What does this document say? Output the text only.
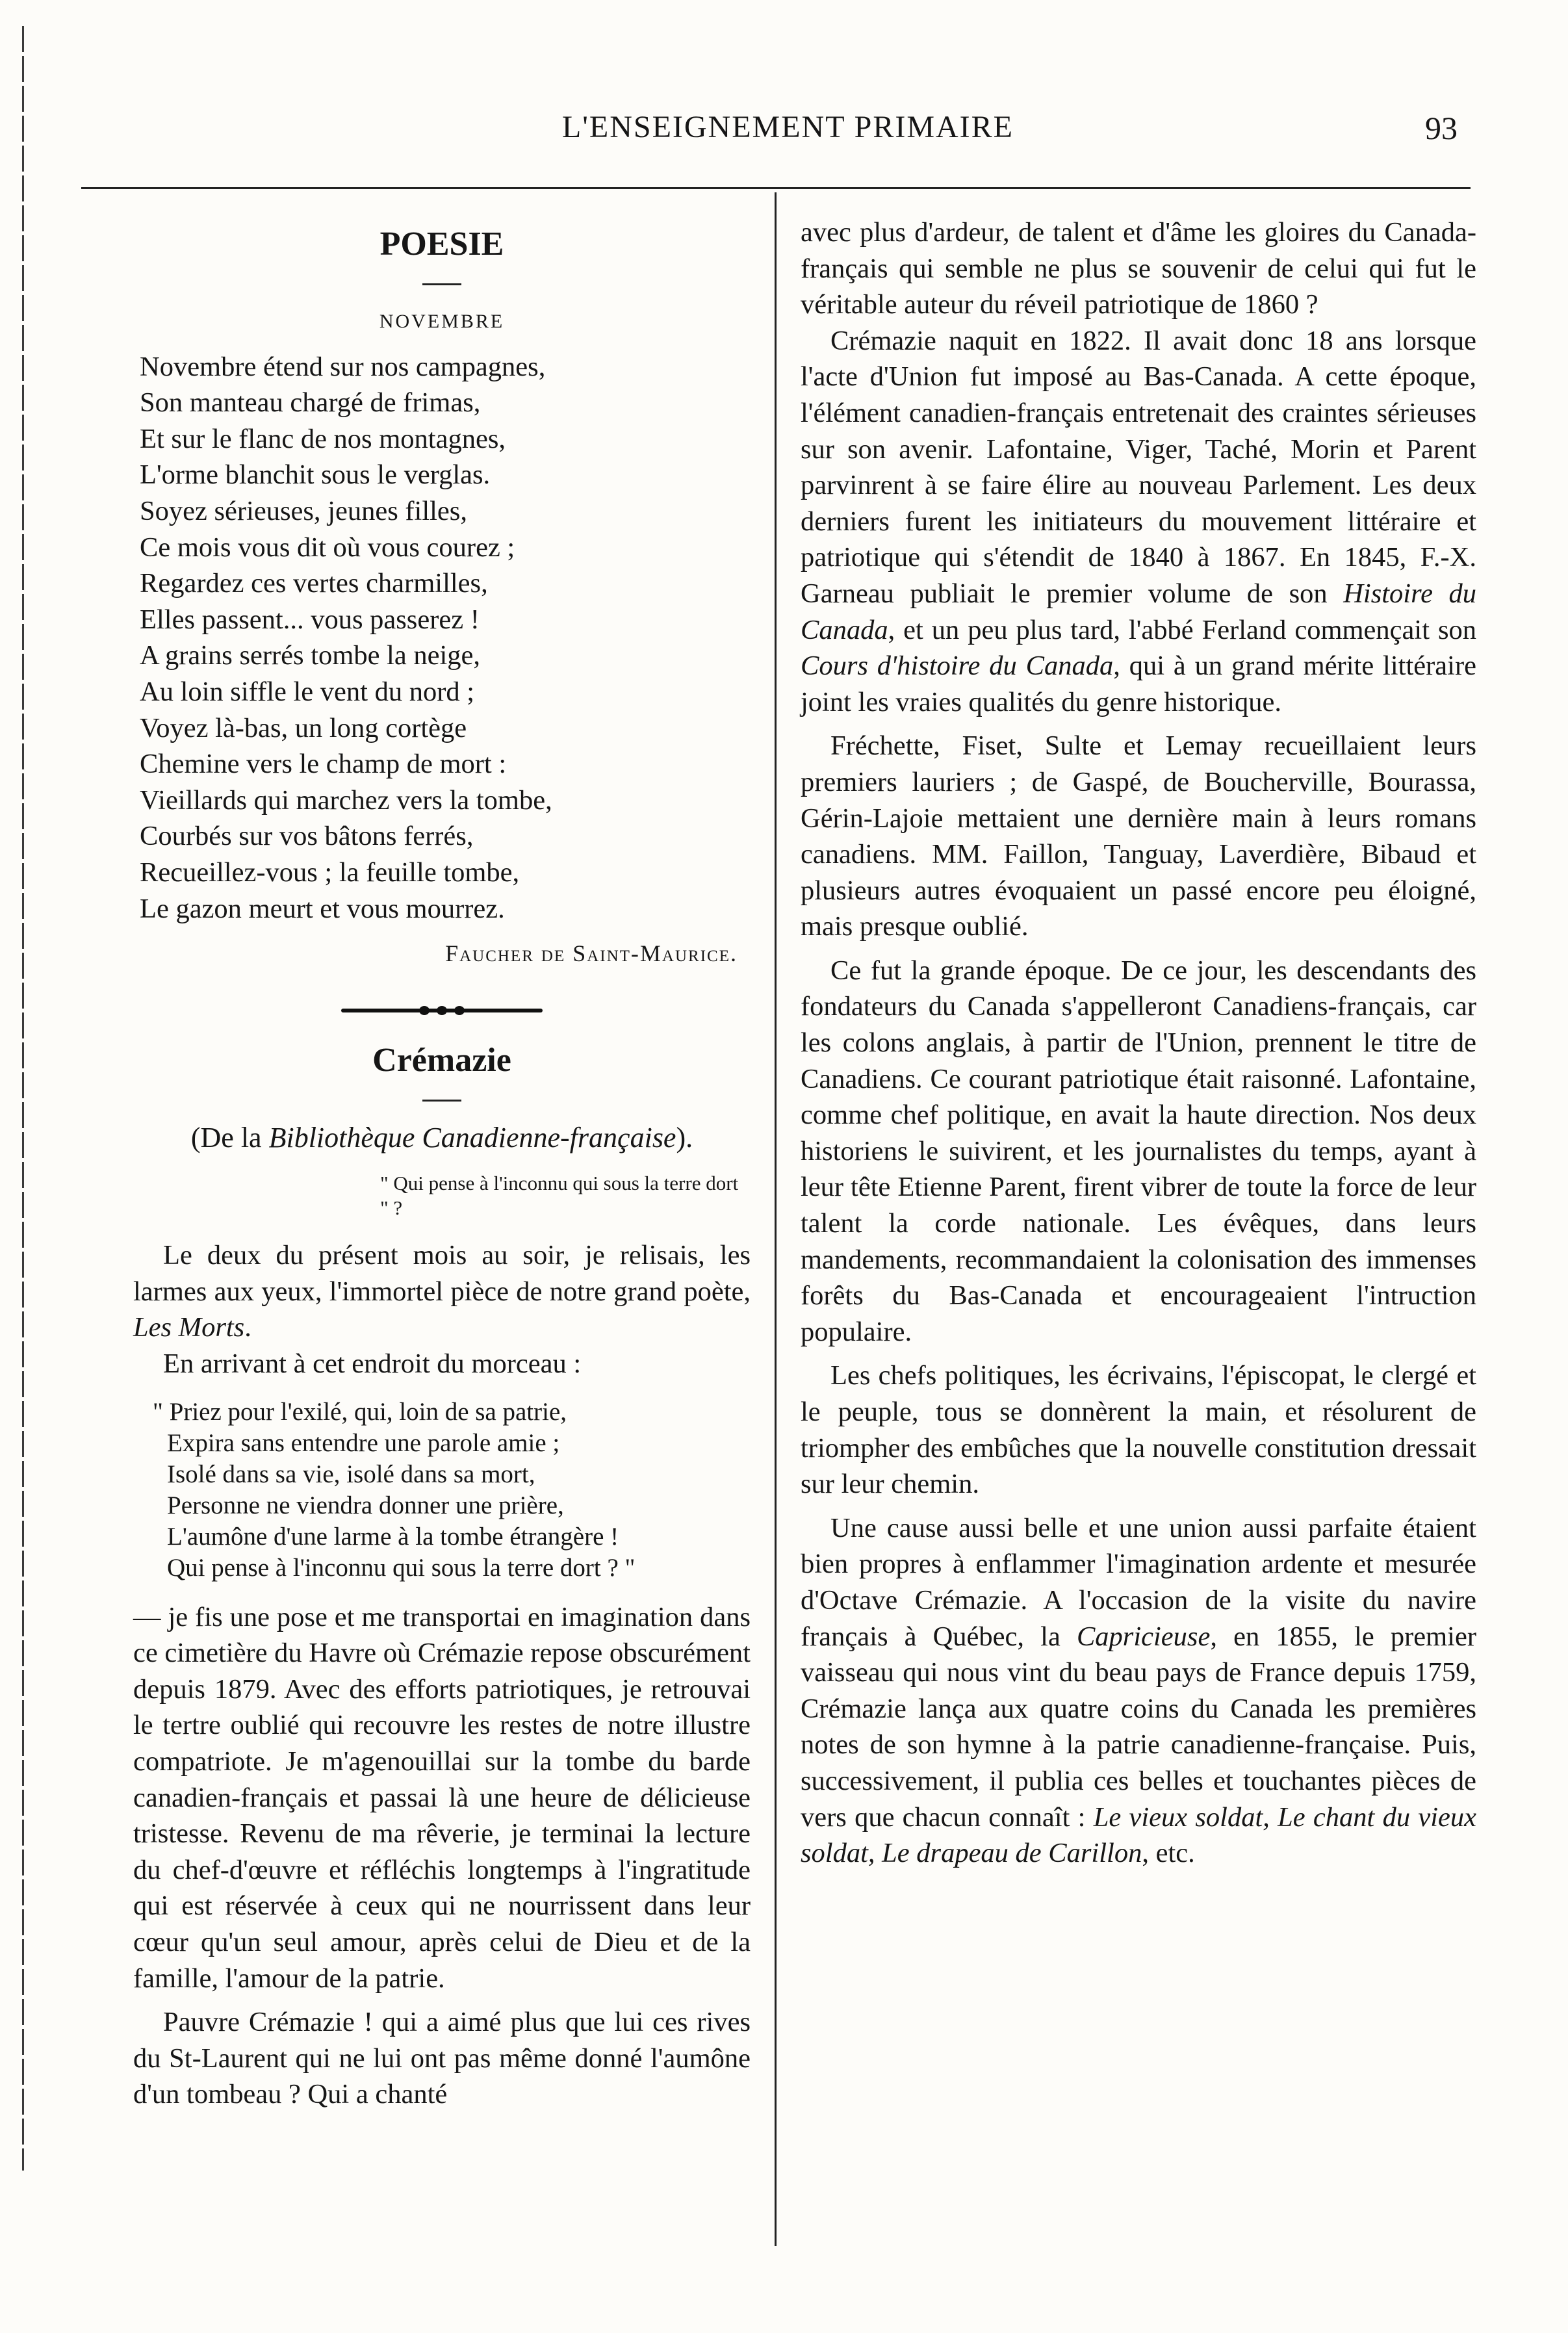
L'ENSEIGNEMENT PRIMAIRE	93
POESIE
NOVEMBRE
Novembre étend sur nos campagnes,
Son manteau chargé de frimas,
Et sur le flanc de nos montagnes,
L'orme blanchit sous le verglas.
Soyez sérieuses, jeunes filles,
Ce mois vous dit où vous courez ;
Regardez ces vertes charmilles,
Elles passent... vous passerez !
A grains serrés tombe la neige,
Au loin siffle le vent du nord ;
Voyez là-bas, un long cortège
Chemine vers le champ de mort :
Vieillards qui marchez vers la tombe,
Courbés sur vos bâtons ferrés,
Recueillez-vous ; la feuille tombe,
Le gazon meurt et vous mourrez.
Faucher de Saint-Maurice.
Crémazie

(De la Bibliothèque Canadienne-française).

" Qui pense à l'inconnu qui sous la terre dort " ?

Le deux du présent mois au soir, je relisais, les larmes aux yeux, l'immortel pièce de notre grand poète, Les Morts.

En arrivant à cet endroit du morceau :

" Priez pour l'exilé, qui, loin de sa patrie,
Expira sans entendre une parole amie ;
Isolé dans sa vie, isolé dans sa mort,
Personne ne viendra donner une prière,
L'aumône d'une larme à la tombe étrangère !
Qui pense à l'inconnu qui sous la terre dort ? "

— je fis une pose et me transportai en imagination dans ce cimetière du Havre où Crémazie repose obscurément depuis 1879. Avec des efforts patriotiques, je retrouvai le tertre oublié qui recouvre les restes de notre illustre compatriote. Je m'agenouillai sur la tombe du barde canadien-français et passai là une heure de délicieuse tristesse. Revenu de ma rêverie, je terminai la lecture du chef-d'œuvre et réfléchis longtemps à l'ingratitude qui est réservée à ceux qui ne nourrissent dans leur cœur qu'un seul amour, après celui de Dieu et de la famille, l'amour de la patrie.

Pauvre Crémazie ! qui a aimé plus que lui ces rives du St-Laurent qui ne lui ont pas même donné l'aumône d'un tombeau ? Qui a chanté

avec plus d'ardeur, de talent et d'âme les gloires du Canada-français qui semble ne plus se souvenir de celui qui fut le véritable auteur du réveil patriotique de 1860 ?

Crémazie naquit en 1822. Il avait donc 18 ans lorsque l'acte d'Union fut imposé au Bas-Canada. A cette époque, l'élément canadien-français entretenait des craintes sérieuses sur son avenir. Lafontaine, Viger, Taché, Morin et Parent parvinrent à se faire élire au nouveau Parlement. Les deux derniers furent les initiateurs du mouvement littéraire et patriotique qui s'étendit de 1840 à 1867. En 1845, F.-X. Garneau publiait le premier volume de son Histoire du Canada, et un peu plus tard, l'abbé Ferland commençait son Cours d'histoire du Canada, qui à un grand mérite littéraire joint les vraies qualités du genre historique.

Fréchette, Fiset, Sulte et Lemay recueillaient leurs premiers lauriers ; de Gaspé, de Boucherville, Bourassa, Gérin-Lajoie mettaient une dernière main à leurs romans canadiens. MM. Faillon, Tanguay, Laverdière, Bibaud et plusieurs autres évoquaient un passé encore peu éloigné, mais presque oublié.

Ce fut la grande époque. De ce jour, les descendants des fondateurs du Canada s'appelleront Canadiens-français, car les colons anglais, à partir de l'Union, prennent le titre de Canadiens. Ce courant patriotique était raisonné. Lafontaine, comme chef politique, en avait la haute direction. Nos deux historiens le suivirent, et les journalistes du temps, ayant à leur tête Etienne Parent, firent vibrer de toute la force de leur talent la corde nationale. Les évêques, dans leurs mandements, recommandaient la colonisation des immenses forêts du Bas-Canada et encourageaient l'intruction populaire.

Les chefs politiques, les écrivains, l'épiscopat, le clergé et le peuple, tous se donnèrent la main, et résolurent de triompher des embûches que la nouvelle constitution dressait sur leur chemin.

Une cause aussi belle et une union aussi parfaite étaient bien propres à enflammer l'imagination ardente et mesurée d'Octave Crémazie. A l'occasion de la visite du navire français à Québec, la Capricieuse, en 1855, le premier vaisseau qui nous vint du beau pays de France depuis 1759, Crémazie lança aux quatre coins du Canada les premières notes de son hymne à la patrie canadienne-française. Puis, successivement, il publia ces belles et touchantes pièces de vers que chacun connaît : Le vieux soldat, Le chant du vieux soldat, Le drapeau de Carillon, etc.
